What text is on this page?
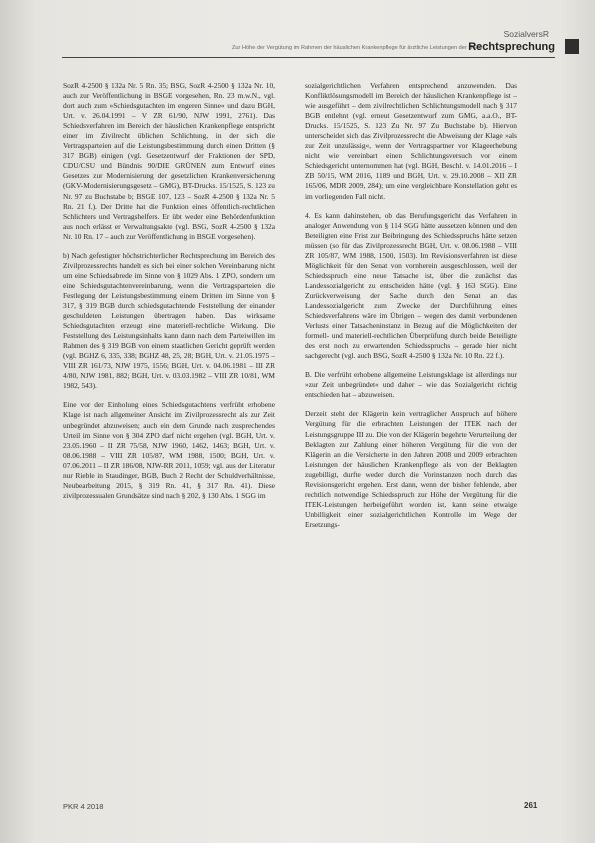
SozialversR
Zur Höhe der Vergütung im Rahmen der häuslichen Krankenpflege für ärztliche Leistungen der ITEK
Rechtsprechung

SozR 4-2500 § 132a Nr. 5 Rn. 35; BSG, SozR 4-2500 § 132a Nr. 10, auch zur Veröffentlichung in BSGE vorgesehen, Rn. 23 m.w.N., vgl. dort auch zum »Schiedsgutachten im engeren Sinne« und dazu BGH, Urt. v. 26.04.1991 – V ZR 61/90, NJW 1991, 2761). Das Schiedsverfahren im Bereich der häuslichen Krankenpflege entspricht einer im Zivilrecht üblichen Schlichtung, in der sich die Vertragsparteien auf die Leistungsbestimmung durch einen Dritten (§ 317 BGB) einigen (vgl. Gesetzentwurf der Fraktionen der SPD, CDU/CSU und Bündnis 90/DIE GRÜNEN zum Entwurf eines Gesetzes zur Modernisierung der gesetzlichen Krankenversicherung (GKV-Modernisierungsgesetz – GMG), BT-Drucks. 15/1525, S. 123 zu Nr. 97 zu Buchstabe b; BSGE 107, 123 – SozR 4-2500 § 132a Nr. 5 Rn. 21 f.). Der Dritte hat die Funktion eines öffentlich-rechtlichen Schlichters und Vertragshelfers. Er übt weder eine Behördenfunktion aus noch erlässt er Verwaltungsakte (vgl. BSG, SozR 4-2500 § 132a Nr. 10 Rn. 17 – auch zur Veröffentlichung in BSGE vorgesehen).

b) Nach gefestigter höchstrichterlicher Rechtsprechung im Bereich des Zivilprozessrechts handelt es sich bei einer solchen Vereinbarung nicht um eine Schiedsabrede im Sinne von § 1029 Abs. 1 ZPO, sondern um eine Schiedsgutachtenvereinbarung, wenn die Vertragsparteien die Festlegung der Leistungsbestimmung einem Dritten im Sinne von § 317, § 319 BGB durch schiedsgutachtende Feststellung der einander geschuldeten Leistungen übertragen haben. Das wirksame Schiedsgutachten erzeugt eine materiell-rechtliche Wirkung. Die Feststellung des Leistungsinhalts kann dann nach dem Parteiwillen im Rahmen des § 319 BGB von einem staatlichen Gericht geprüft werden (vgl. BGHZ 6, 335, 338; BGHZ 48, 25, 28; BGH, Urt. v. 21.05.1975 – VIII ZR 161/73, NJW 1975, 1556; BGH, Urt. v. 04.06.1981 – III ZR 4/80, NJW 1981, 882; BGH, Urt. v. 03.03.1982 – VIII ZR 10/81, WM 1982, 543).

Eine vor der Einholung eines Schiedsgutachtens verfrüht erhobene Klage ist nach allgemeiner Ansicht im Zivilprozessrecht als zur Zeit unbegründet abzuweisen; auch ein dem Grunde nach zusprechendes Urteil im Sinne von § 304 ZPO darf nicht ergehen (vgl. BGH, Urt. v. 23.05.1960 – II ZR 75/58, NJW 1960, 1462, 1463; BGH, Urt. v. 08.06.1988 – VIII ZR 105/87, WM 1988, 1500; BGH, Urt. v. 07.06.2011 – II ZR 186/08, NJW-RR 2011, 1059; vgl. aus der Literatur nur Rieble in Staudinger, BGB, Buch 2 Recht der Schuldverhältnisse, Neubearbeitung 2015, § 319 Rn. 41, § 317 Rn. 41). Diese zivilprozessualen Grundsätze sind nach § 202, § 130 Abs. 1 SGG im

sozialgerichtlichen Verfahren entsprechend anzuwenden. Das Konfliktlösungsmodell im Bereich der häuslichen Krankenpflege ist – wie ausgeführt – dem zivilrechtlichen Schlichtungsmodell nach § 317 BGB entlehnt (vgl. erneut Gesetzentwurf zum GMG, a.a.O., BT-Drucks. 15/1525, S. 123 Zu Nr. 97 Zu Buchstabe b). Hiervon unterscheidet sich das Zivilprozessrecht die Abweisung der Klage »als zur Zeit unzulässig«, wenn der Vertragspartner vor Klageerhebung nicht wie vereinbart einen Schlichtungsversuch vor einem Schiedsgericht unternommen hat (vgl. BGH, Beschl. v. 14.01.2016 – I ZB 50/15, WM 2016, 1189 und BGH, Urt. v. 29.10.2008 – XII ZR 165/06, MDR 2009, 284); um eine vergleichbare Konstellation geht es im vorliegenden Fall nicht.

4. Es kann dahinstehen, ob das Berufungsgericht das Verfahren in analoger Anwendung von § 114 SGG hätte aussetzen können und den Beteiligten eine Frist zur Beibringung des Schiedsspruchs hätte setzen müssen (so für das Zivilprozessrecht BGH, Urt. v. 08.06.1988 – VIII ZR 105/87, WM 1988, 1500, 1503). Im Revisionsverfahren ist diese Möglichkeit für den Senat von vornherein ausgeschlossen, weil der Schiedsspruch eine neue Tatsache ist, über die zunächst das Landessozialgericht zu entscheiden hätte (vgl. § 163 SGG). Eine Zurückverweisung der Sache durch den Senat an das Landessozialgericht zum Zwecke der Durchführung eines Schiedsverfahrens wäre im Übrigen – wegen des damit verbundenen Verlusts einer Tatsacheninstanz in Bezug auf die Möglichkeiten der formell- und materiell-rechtlichen Überprüfung durch beide Beteiligte des erst noch zu erwartenden Schiedsspruchs – gerade hier nicht sachgerecht (vgl. auch BSG, SozR 4-2500 § 132a Nr. 10 Rn. 22 f.).

B. Die verfrüht erhobene allgemeine Leistungsklage ist allerdings nur »zur Zeit unbegründet« und daher – wie das Sozialgericht richtig entschieden hat – abzuweisen.

Derzeit steht der Klägerin kein vertraglicher Anspruch auf höhere Vergütung für die erbrachten Leistungen der ITEK nach der Leistungsgruppe III zu. Die von der Klägerin begehrte Verurteilung der Beklagten zur Zahlung einer höheren Vergütung für die von der Klägerin an die Versicherte in den Jahren 2008 und 2009 erbrachten Leistungen der häuslichen Krankenpflege als von der Beklagten zugebilligt, durfte weder durch die Vorinstanzen noch durch das Revisionsgericht ergehen. Erst dann, wenn der bisher fehlende, aber rechtlich notwendige Schiedsspruch zur Höhe der Vergütung für die ITEK-Leistungen herbeigeführt worden ist, kann seine etwaige Unbilligkeit einer sozialgerichtlichen Kontrolle im Wege der Ersetzungs-

PKR 4 2018	261
